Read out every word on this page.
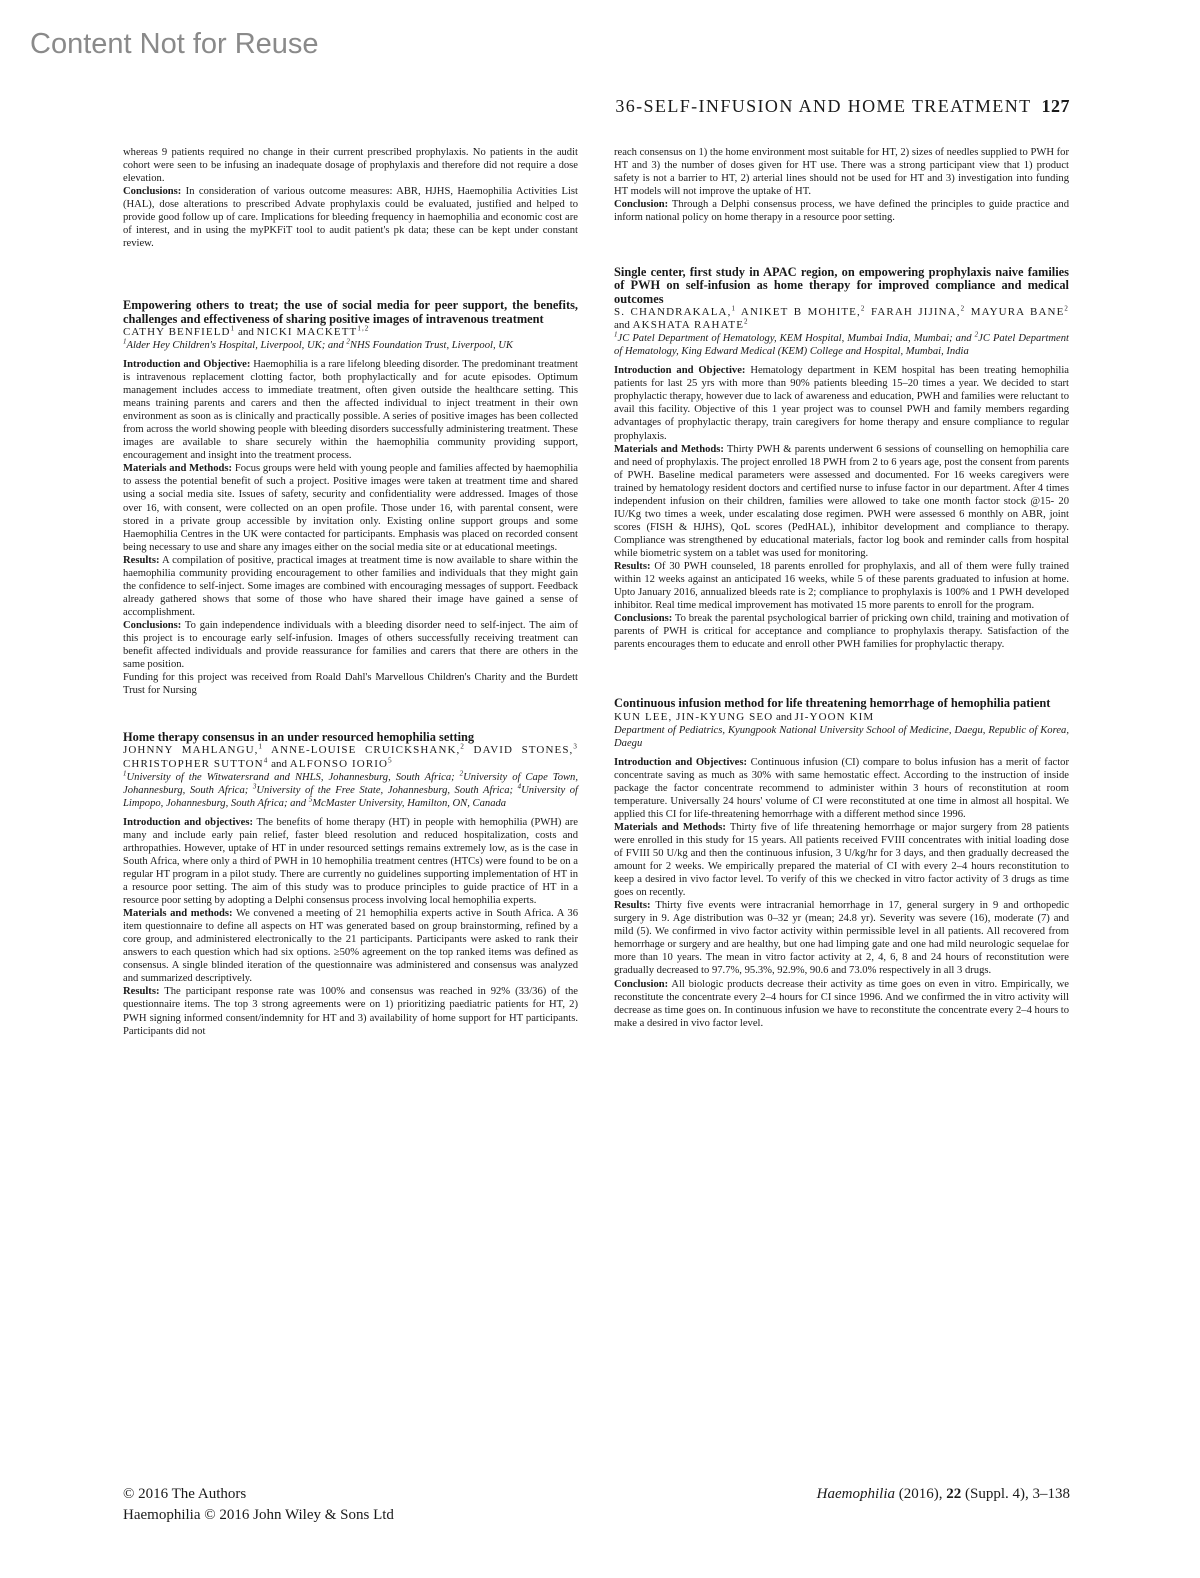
Content Not for Reuse
36-SELF-INFUSION AND HOME TREATMENT 127

whereas 9 patients required no change in their current prescribed prophylaxis. No patients in the audit cohort were seen to be infusing an inadequate dosage of prophylaxis and therefore did not require a dose elevation.

Conclusions: In consideration of various outcome measures: ABR, HJHS, Haemophilia Activities List (HAL), dose alterations to prescribed Advate prophylaxis could be evaluated, justified and helped to provide good follow up of care. Implications for bleeding frequency in haemophilia and economic cost are of interest, and in using the myPKFiT tool to audit patient's pk data; these can be kept under constant review.

Empowering others to treat; the use of social media for peer support, the benefits, challenges and effectiveness of sharing positive images of intravenous treatment

CATHY BENFIELD$^1$ and NICKI MACKETT$^{1,2}$

$^1$Alder Hey Children's Hospital, Liverpool, UK; and $^2$NHS Foundation Trust, Liverpool, UK

Introduction and Objective: Haemophilia is a rare lifelong bleeding disorder. The predominant treatment is intravenous replacement clotting factor, both prophylactically and for acute episodes. Optimum management includes access to immediate treatment, often given outside the healthcare setting. This means training parents and carers and then the affected individual to inject treatment in their own environment as soon as is clinically and practically possible. A series of positive images has been collected from across the world showing people with bleeding disorders successfully administering treatment. These images are available to share securely within the haemophilia community providing support, encouragement and insight into the treatment process.

Materials and Methods: Focus groups were held with young people and families affected by haemophilia to assess the potential benefit of such a project. Positive images were taken at treatment time and shared using a social media site. Issues of safety, security and confidentiality were addressed. Images of those over 16, with consent, were collected on an open profile. Those under 16, with parental consent, were stored in a private group accessible by invitation only. Existing online support groups and some Haemophilia Centres in the UK were contacted for participants. Emphasis was placed on recorded consent being necessary to use and share any images either on the social media site or at educational meetings.

Results: A compilation of positive, practical images at treatment time is now available to share within the haemophilia community providing encouragement to other families and individuals that they might gain the confidence to self-inject. Some images are combined with encouraging messages of support. Feedback already gathered shows that some of those who have shared their image have gained a sense of accomplishment.

Conclusions: To gain independence individuals with a bleeding disorder need to self-inject. The aim of this project is to encourage early self-infusion. Images of others successfully receiving treatment can benefit affected individuals and provide reassurance for families and carers that there are others in the same position.

Funding for this project was received from Roald Dahl's Marvellous Children's Charity and the Burdett Trust for Nursing

Home therapy consensus in an under resourced hemophilia setting

JOHNNY MAHLANGU,$^1$ ANNE-LOUISE CRUICKSHANK,$^2$ DAVID STONES,$^3$ CHRISTOPHER SUTTON$^4$ and ALFONSO IORIO$^5$

$^1$University of the Witwatersrand and NHLS, Johannesburg, South Africa; $^2$University of Cape Town, Johannesburg, South Africa; $^3$University of the Free State, Johannesburg, South Africa; $^4$University of Limpopo, Johannesburg, South Africa; and $^5$McMaster University, Hamilton, ON, Canada

Introduction and objectives: The benefits of home therapy (HT) in people with hemophilia (PWH) are many and include early pain relief, faster bleed resolution and reduced hospitalization, costs and arthropathies. However, uptake of HT in under resourced settings remains extremely low, as is the case in South Africa, where only a third of PWH in 10 hemophilia treatment centres (HTCs) were found to be on a regular HT program in a pilot study. There are currently no guidelines supporting implementation of HT in a resource poor setting. The aim of this study was to produce principles to guide practice of HT in a resource poor setting by adopting a Delphi consensus process involving local hemophilia experts.

Materials and methods: We convened a meeting of 21 hemophilia experts active in South Africa. A 36 item questionnaire to define all aspects on HT was generated based on group brainstorming, refined by a core group, and administered electronically to the 21 participants. Participants were asked to rank their answers to each question which had six options. ≥50% agreement on the top ranked items was defined as consensus. A single blinded iteration of the questionnaire was administered and consensus was analyzed and summarized descriptively.

Results: The participant response rate was 100% and consensus was reached in 92% (33/36) of the questionnaire items. The top 3 strong agreements were on 1) prioritizing paediatric patients for HT, 2) PWH signing informed consent/indemnity for HT and 3) availability of home support for HT participants. Participants did not

reach consensus on 1) the home environment most suitable for HT, 2) sizes of needles supplied to PWH for HT and 3) the number of doses given for HT use. There was a strong participant view that 1) product safety is not a barrier to HT, 2) arterial lines should not be used for HT and 3) investigation into funding HT models will not improve the uptake of HT.

Conclusion: Through a Delphi consensus process, we have defined the principles to guide practice and inform national policy on home therapy in a resource poor setting.

Single center, first study in APAC region, on empowering prophylaxis naive families of PWH on self-infusion as home therapy for improved compliance and medical outcomes

S. CHANDRAKALA,$^1$ ANIKET B MOHITE,$^2$ FARAH JIJINA,$^2$ MAYURA BANE$^2$ and AKSHATA RAHATE$^2$

$^1$JC Patel Department of Hematology, KEM Hospital, Mumbai India, Mumbai; and $^2$JC Patel Department of Hematology, King Edward Medical (KEM) College and Hospital, Mumbai, India

Introduction and Objective: Hematology department in KEM hospital has been treating hemophilia patients for last 25 yrs with more than 90% patients bleeding 15–20 times a year. We decided to start prophylactic therapy, however due to lack of awareness and education, PWH and families were reluctant to avail this facility. Objective of this 1 year project was to counsel PWH and family members regarding advantages of prophylactic therapy, train caregivers for home therapy and ensure compliance to regular prophylaxis.

Materials and Methods: Thirty PWH & parents underwent 6 sessions of counselling on hemophilia care and need of prophylaxis. The project enrolled 18 PWH from 2 to 6 years age, post the consent from parents of PWH. Baseline medical parameters were assessed and documented. For 16 weeks caregivers were trained by hematology resident doctors and certified nurse to infuse factor in our department. After 4 times independent infusion on their children, families were allowed to take one month factor stock @15- 20 IU/Kg two times a week, under escalating dose regimen. PWH were assessed 6 monthly on ABR, joint scores (FISH & HJHS), QoL scores (PedHAL), inhibitor development and compliance to therapy. Compliance was strengthened by educational materials, factor log book and reminder calls from hospital while biometric system on a tablet was used for monitoring.

Results: Of 30 PWH counseled, 18 parents enrolled for prophylaxis, and all of them were fully trained within 12 weeks against an anticipated 16 weeks, while 5 of these parents graduated to infusion at home. Upto January 2016, annualized bleeds rate is 2; compliance to prophylaxis is 100% and 1 PWH developed inhibitor. Real time medical improvement has motivated 15 more parents to enroll for the program.

Conclusions: To break the parental psychological barrier of pricking own child, training and motivation of parents of PWH is critical for acceptance and compliance to prophylaxis therapy. Satisfaction of the parents encourages them to educate and enroll other PWH families for prophylactic therapy.

Continuous infusion method for life threatening hemorrhage of hemophilia patient

KUN LEE, JIN-KYUNG SEO and JI-YOON KIM

Department of Pediatrics, Kyungpook National University School of Medicine, Daegu, Republic of Korea, Daegu

Introduction and Objectives: Continuous infusion (CI) compare to bolus infusion has a merit of factor concentrate saving as much as 30% with same hemostatic effect. According to the instruction of inside package the factor concentrate recommend to administer within 3 hours of reconstitution at room temperature. Universally 24 hours' volume of CI were reconstituted at one time in almost all hospital. We applied this CI for life-threatening hemorrhage with a different method since 1996.

Materials and Methods: Thirty five of life threatening hemorrhage or major surgery from 28 patients were enrolled in this study for 15 years. All patients received FVIII concentrates with initial loading dose of FVIII 50 U/kg and then the continuous infusion, 3 U/kg/hr for 3 days, and then gradually decreased the amount for 2 weeks. We empirically prepared the material of CI with every 2–4 hours reconstitution to keep a desired in vivo factor level. To verify of this we checked in vitro factor activity of 3 drugs as time goes on recently.

Results: Thirty five events were intracranial hemorrhage in 17, general surgery in 9 and orthopedic surgery in 9. Age distribution was 0–32 yr (mean; 24.8 yr). Severity was severe (16), moderate (7) and mild (5). We confirmed in vivo factor activity within permissible level in all patients. All recovered from hemorrhage or surgery and are healthy, but one had limping gate and one had mild neurologic sequelae for more than 10 years. The mean in vitro factor activity at 2, 4, 6, 8 and 24 hours of reconstitution were gradually decreased to 97.7%, 95.3%, 92.9%, 90.6 and 73.0% respectively in all 3 drugs.

Conclusion: All biologic products decrease their activity as time goes on even in vitro. Empirically, we reconstitute the concentrate every 2–4 hours for CI since 1996. And we confirmed the in vitro activity will decrease as time goes on. In continuous infusion we have to reconstitute the concentrate every 2–4 hours to make a desired in vivo factor level.

© 2016 The Authors
Haemophilia © 2016 John Wiley & Sons Ltd
Haemophilia (2016), 22 (Suppl. 4), 3–138
